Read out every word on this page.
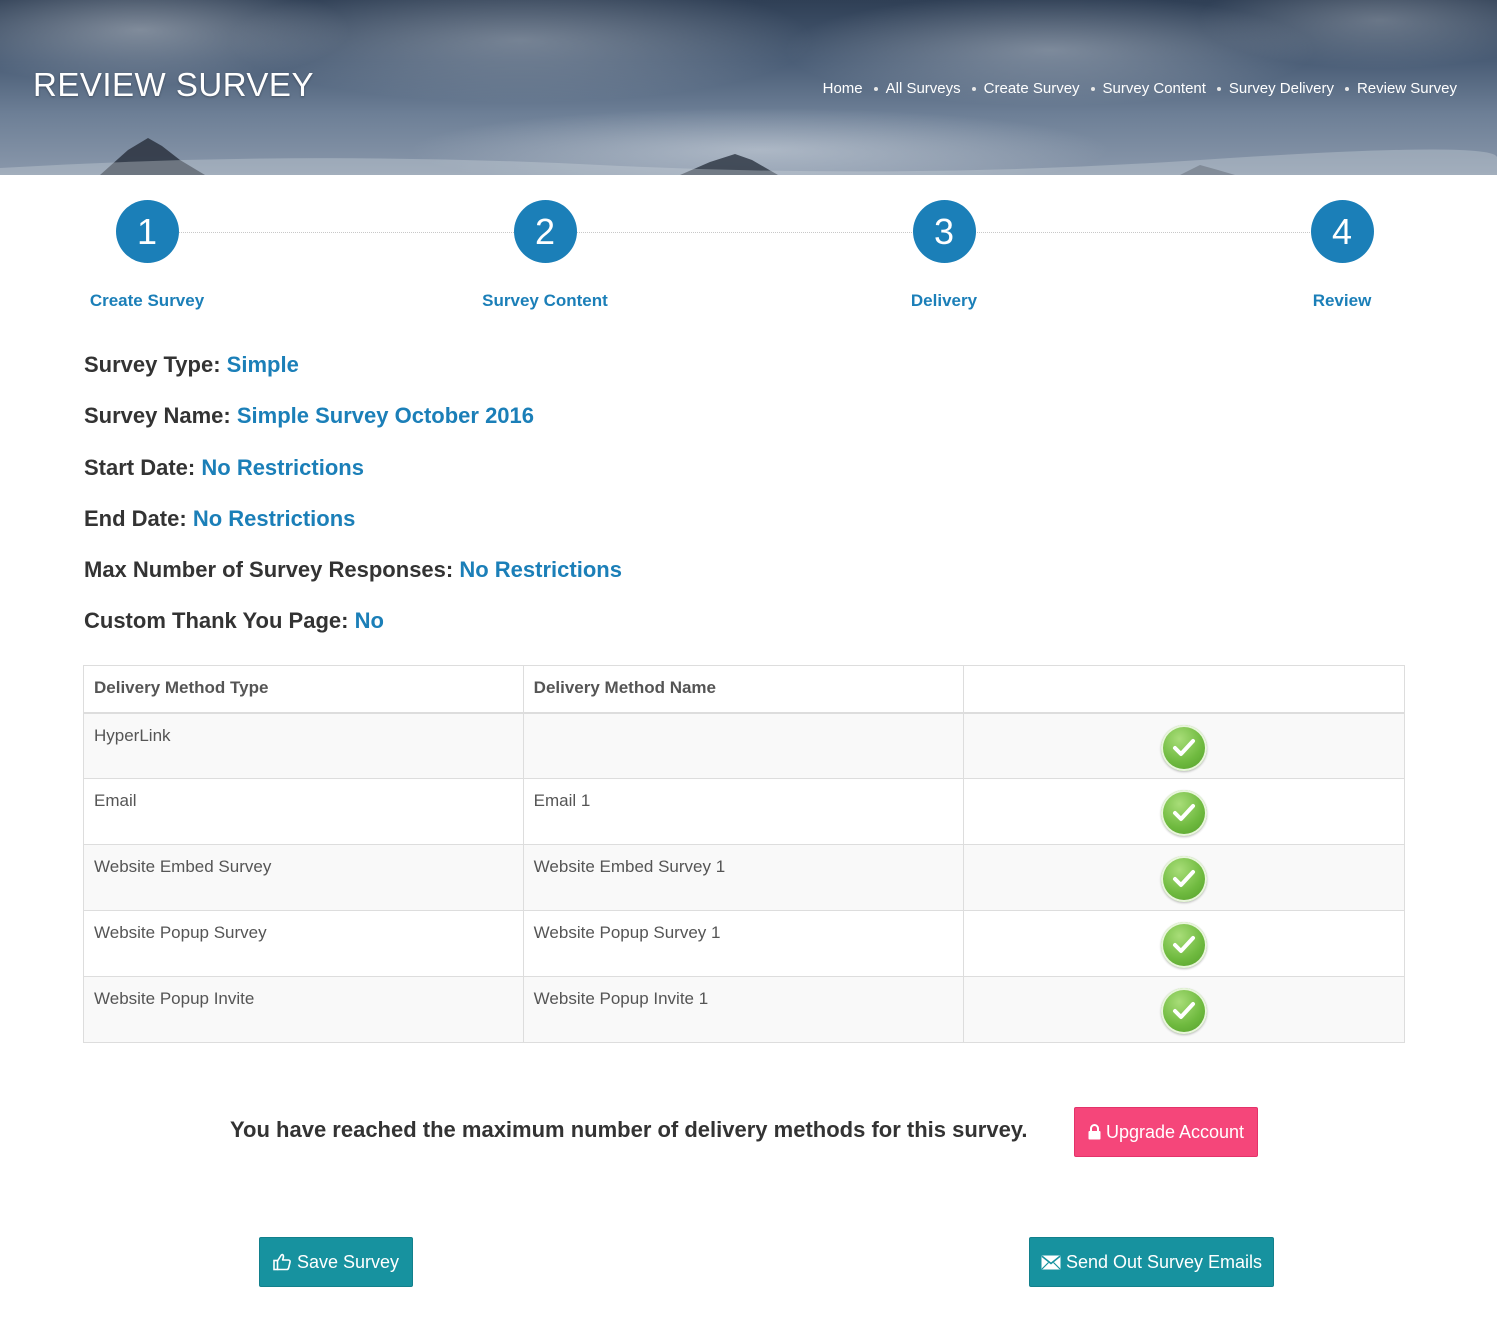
REVIEW SURVEY	Home All Surveys Create Survey Survey Content Survey Delivery Review Survey
1
Create Survey
2
Survey Content
3
Delivery
4
Review
Survey Type: Simple
Survey Name: Simple Survey October 2016
Start Date: No Restrictions
End Date: No Restrictions
Max Number of Survey Responses: No Restrictions
Custom Thank You Page: No
Delivery Method Type	Delivery Method Name	
HyperLink		

Email	Email 1	

Website Embed Survey	Website Embed Survey 1	

Website Popup Survey	Website Popup Survey 1	

Website Popup Invite	Website Popup Invite 1	
You have reached the maximum number of delivery methods for this survey.	Upgrade Account
Save Survey	Send Out Survey Emails
